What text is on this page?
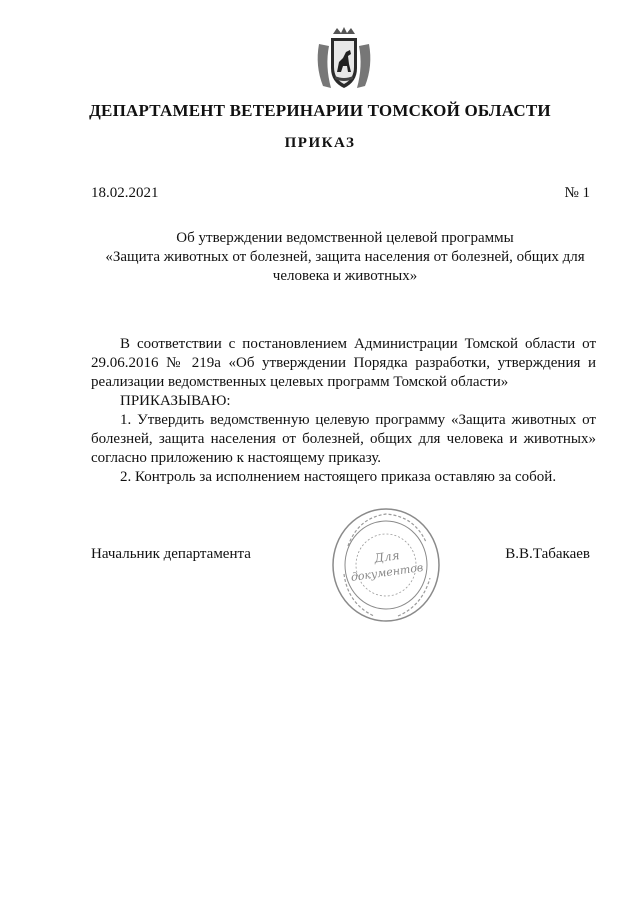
ДЕПАРТАМЕНТ ВЕТЕРИНАРИИ ТОМСКОЙ ОБЛАСТИ
ПРИКАЗ
18.02.2021	№ 1
Об утверждении ведомственной целевой программы
«Защита животных от болезней, защита населения от болезней, общих для
человека и животных»

В соответствии с постановлением Администрации Томской области от 29.06.2016 № 219а «Об утверждении Порядка разработки, утверждения и реализации ведомственных целевых программ Томской области»

ПРИКАЗЫВАЮ:

1. Утвердить ведомственную целевую программу «Защита животных от болезней, защита населения от болезней, общих для человека и животных» согласно приложению к настоящему приказу.

2. Контроль за исполнением настоящего приказа оставляю за собой.

Начальник департамента	Для
документов
В.В.Табакаев
